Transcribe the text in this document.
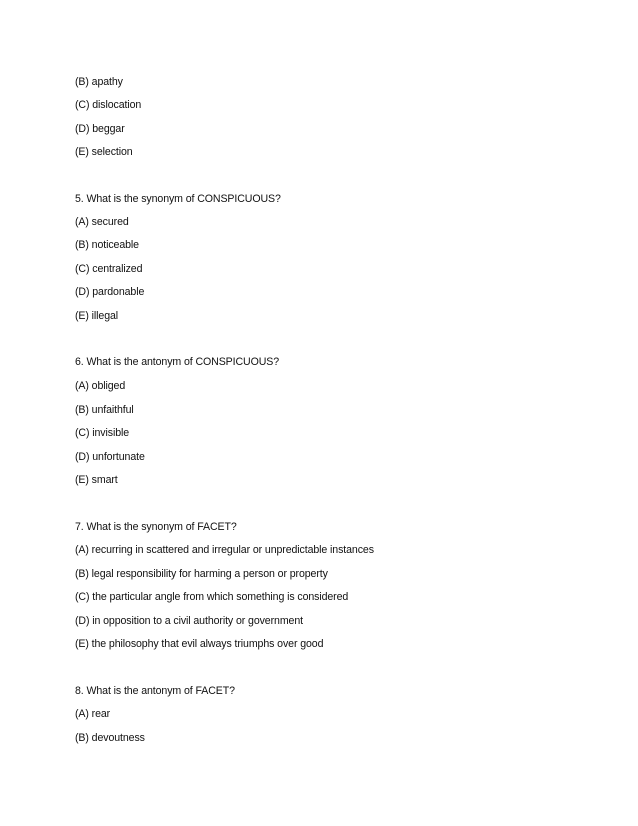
(B) apathy
(C) dislocation
(D) beggar
(E) selection
5. What is the synonym of CONSPICUOUS?
(A) secured
(B) noticeable
(C) centralized
(D) pardonable
(E) illegal
6. What is the antonym of CONSPICUOUS?
(A) obliged
(B) unfaithful
(C) invisible
(D) unfortunate
(E) smart
7. What is the synonym of FACET?
(A) recurring in scattered and irregular or unpredictable instances
(B) legal responsibility for harming a person or property
(C) the particular angle from which something is considered
(D) in opposition to a civil authority or government
(E) the philosophy that evil always triumphs over good
8. What is the antonym of FACET?
(A) rear
(B) devoutness
